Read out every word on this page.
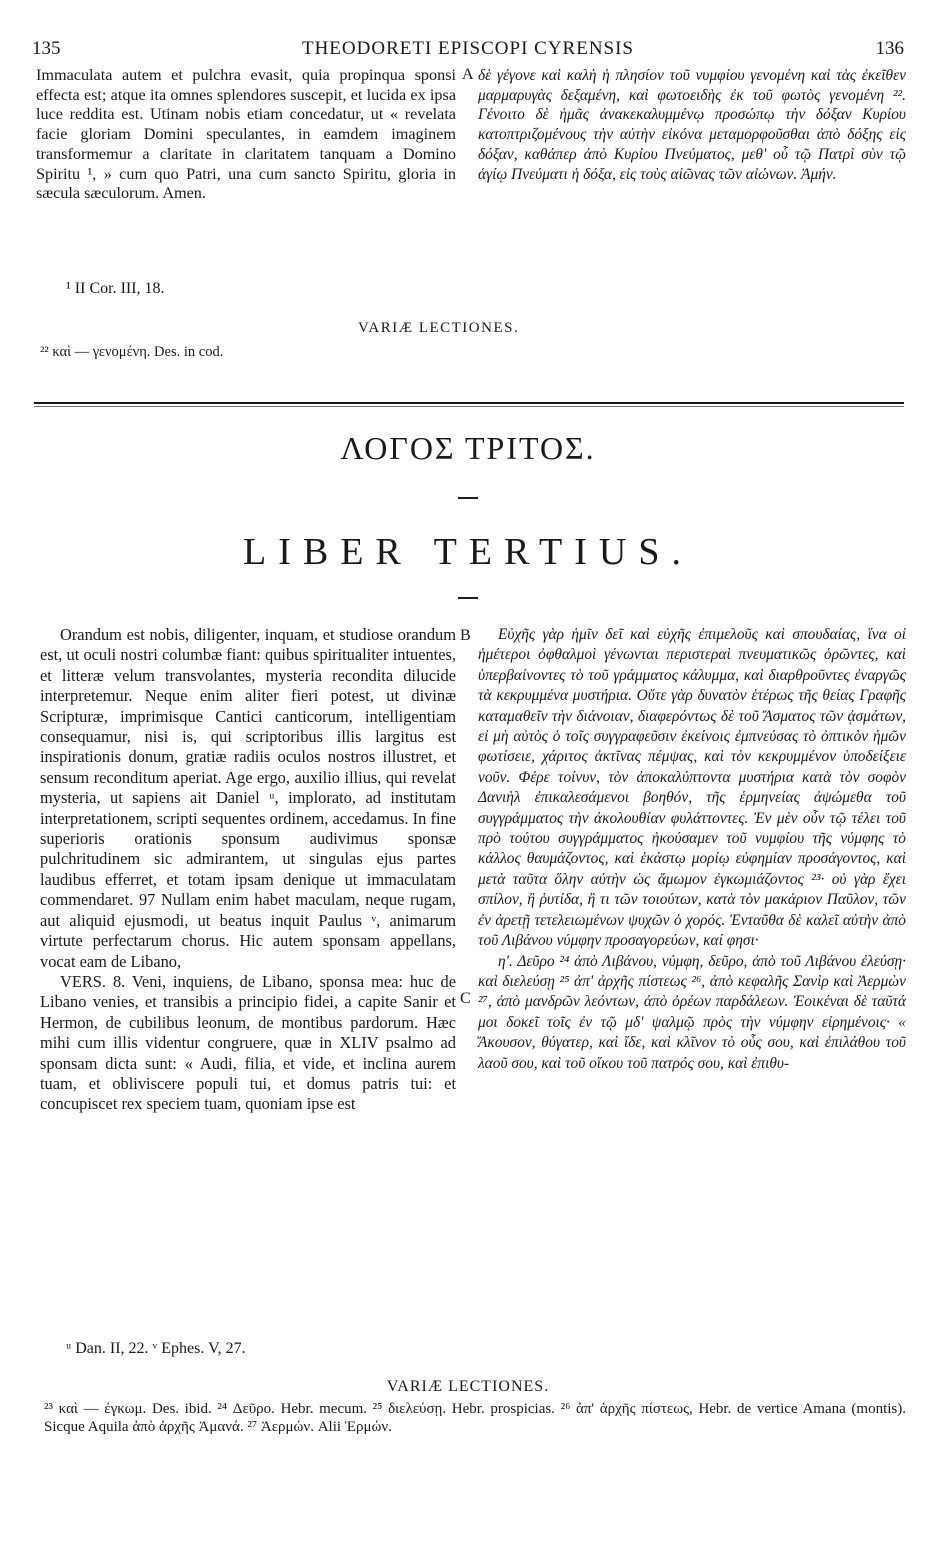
135	THEODORETI EPISCOPI CYRENSIS	136

Immaculata autem et pulchra evasit, quia propinqua sponsi effecta est; atque ita omnes splendores suscepit, et lucida ex ipsa luce reddita est. Utinam nobis etiam concedatur, ut « revelata facie gloriam Domini speculantes, in eamdem imaginem transformemur a claritate in claritatem tanquam a Domino Spiritu ¹, » cum quo Patri, una cum sancto Spiritu, gloria in sæcula sæculorum. Amen.

A δὲ γέγονε καὶ καλὴ ἡ πλησίον τοῦ νυμφίου γενομένη καὶ τὰς ἐκεῖθεν μαρμαρυγὰς δεξαμένη, καὶ φωτοειδὴς ἐκ τοῦ φωτὸς γενομένη ²². Γένοιτο δὲ ἡμᾶς ἀνακεκαλυμμένῳ προσώπῳ τὴν δόξαν Κυρίου κατοπτριζομένους τὴν αὐτὴν εἰκόνα μεταμορφοῦσθαι ἀπὸ δόξης εἰς δόξαν, καθάπερ ἀπὸ Κυρίου Πνεύματος, μεθ' οὗ τῷ Πατρὶ σὺν τῷ ἁγίῳ Πνεύματι ἡ δόξα, εἰς τοὺς αἰῶνας τῶν αἰώνων. Ἀμήν.

¹ II Cor. III, 18.
VARIÆ LECTIONES.
²² καὶ — γενομένη. Des. in cod.
ΛΟΓΟΣ ΤΡΙΤΟΣ.
LIBER TERTIUS.

Orandum est nobis, diligenter, inquam, et studiose orandum est, ut oculi nostri columbæ fiant: quibus spiritualiter intuentes, et litteræ velum transvolantes, mysteria recondita dilucide interpretemur. Neque enim aliter fieri potest, ut divinæ Scripturæ, imprimisque Cantici canticorum, intelligentiam consequamur, nisi is, qui scriptoribus illis largitus est inspirationis donum, gratiæ radiis oculos nostros illustret, et sensum reconditum aperiat. Age ergo, auxilio illius, qui revelat mysteria, ut sapiens ait Daniel ᵘ, implorato, ad institutam interpretationem, scripti sequentes ordinem, accedamus. In fine superioris orationis sponsum audivimus sponsæ pulchritudinem sic admirantem, ut singulas ejus partes laudibus efferret, et totam ipsam denique ut immaculatam commendaret. 97 Nullam enim habet maculam, neque rugam, aut aliquid ejusmodi, ut beatus inquit Paulus ᵛ, animarum virtute perfectarum chorus. Hic autem sponsam appellans, vocat eam de Libano,

VERS. 8. Veni, inquiens, de Libano, sponsa mea: huc de Libano venies, et transibis a principio fidei, a capite Sanir et Hermon, de cubilibus leonum, de montibus pardorum. Hæc mihi cum illis videntur congruere, quæ in XLIV psalmo ad sponsam dicta sunt: « Audi, filia, et vide, et inclina aurem tuam, et obliviscere populi tui, et domus patris tui: et concupiscet rex speciem tuam, quoniam ipse est

B
C

Εὐχῆς γὰρ ἡμῖν δεῖ καὶ εὐχῆς ἐπιμελοῦς καὶ σπουδαίας, ἵνα οἱ ἡμέτεροι ὀφθαλμοὶ γένωνται περιστεραὶ πνευματικῶς ὁρῶντες, καὶ ὑπερβαίνοντες τὸ τοῦ γράμματος κάλυμμα, καὶ διαρθροῦντες ἐναργῶς τὰ κεκρυμμένα μυστήρια. Οὔτε γὰρ δυνατὸν ἑτέρως τῆς θείας Γραφῆς καταμαθεῖν τὴν διάνοιαν, διαφερόντως δὲ τοῦ Ἄσματος τῶν ᾀσμάτων, εἰ μὴ αὐτὸς ὁ τοῖς συγγραφεῦσιν ἐκείνοις ἐμπνεύσας τὸ ὀπτικὸν ἡμῶν φωτίσειε, χάριτος ἀκτῖνας πέμψας, καὶ τὸν κεκρυμμένον ὑποδείξειε νοῦν. Φέρε τοίνυν, τὸν ἀποκαλύπτοντα μυστήρια κατὰ τὸν σοφὸν Δανιὴλ ἐπικαλεσάμενοι βοηθόν, τῆς ἑρμηνείας ἀψώμεθα τοῦ συγγράμματος τὴν ἀκολουθίαν φυλάττοντες. Ἐν μὲν οὖν τῷ τέλει τοῦ πρὸ τούτου συγγράμματος ἠκούσαμεν τοῦ νυμφίου τῆς νύμφης τὸ κάλλος θαυμάζοντος, καὶ ἑκάστῳ μορίῳ εὐφημίαν προσάγοντος, καὶ μετὰ ταῦτα ὅλην αὐτὴν ὡς ἄμωμον ἐγκωμιάζοντος ²³· οὐ γὰρ ἔχει σπίλον, ἢ ῥυτίδα, ἢ τι τῶν τοιούτων, κατὰ τὸν μακάριον Παῦλον, τῶν ἐν ἀρετῇ τετελειωμένων ψυχῶν ὁ χορός. Ἐνταῦθα δὲ καλεῖ αὐτὴν ἀπὸ τοῦ Λιβάνου νύμφην προσαγορεύων, καί φησι·

η'. Δεῦρο ²⁴ ἀπὸ Λιβάνου, νύμφη, δεῦρο, ἀπὸ τοῦ Λιβάνου ἐλεύσῃ· καὶ διελεύσῃ ²⁵ ἀπ' ἀρχῆς πίστεως ²⁶, ἀπὸ κεφαλῆς Σανὶρ καὶ Ἀερμὼν ²⁷, ἀπὸ μανδρῶν λεόντων, ἀπὸ ὀρέων παρδάλεων. Ἐοικέναι δὲ ταῦτά μοι δοκεῖ τοῖς ἐν τῷ μδ' ψαλμῷ πρὸς τὴν νύμφην εἰρημένοις· « Ἄκουσον, θύγατερ, καὶ ἴδε, καὶ κλῖνον τὸ οὖς σου, καὶ ἐπιλάθου τοῦ λαοῦ σου, καὶ τοῦ οἴκου τοῦ πατρός σου, καὶ ἐπιθυ-

ᵘ Dan. II, 22. ᵛ Ephes. V, 27.
VARIÆ LECTIONES.
²³ καὶ — ἐγκωμ. Des. ibid. ²⁴ Δεῦρο. Hebr. mecum. ²⁵ διελεύσῃ. Hebr. prospicias. ²⁶ ἀπ' ἀρχῆς πίστεως, Hebr. de vertice Amana (montis). Sicque Aquila ἀπὸ ἀρχῆς Ἀμανά. ²⁷ Ἀερμών. Alii Ἑρμών.
